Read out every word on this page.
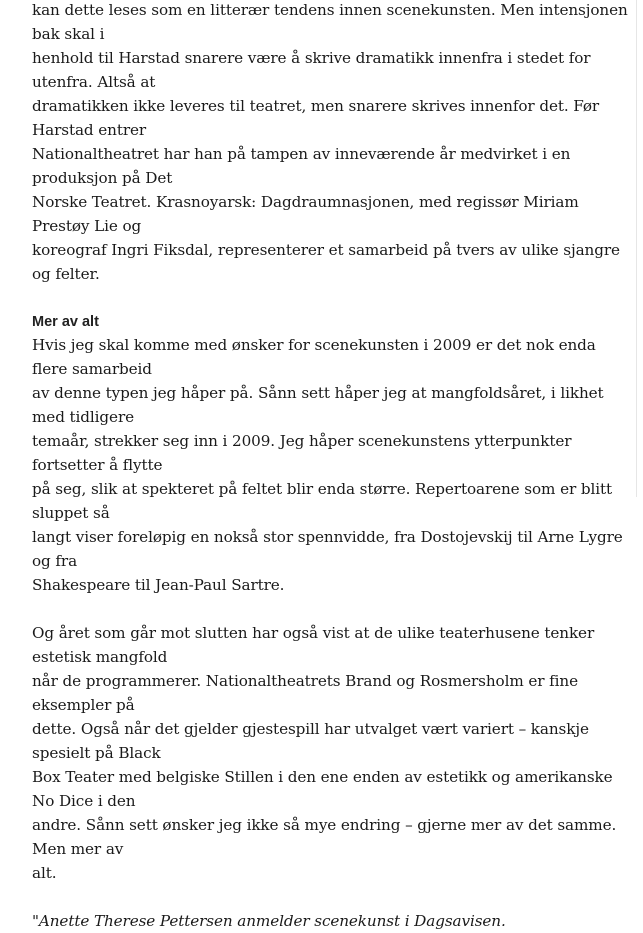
kan dette leses som en litterær tendens innen scenekunsten. Men intensjonen bak skal i
henhold til Harstad snarere være å skrive dramatikk innenfra i stedet for utenfra. Altså at
dramatikken ikke leveres til teatret, men snarere skrives innenfor det. Før Harstad entrer
Nationaltheatret har han på tampen av inneværende år medvirket i en produksjon på Det
Norske Teatret. Krasnoyarsk: Dagdraumnasjonen, med regissør Miriam Prestøy Lie og
koreograf Ingri Fiksdal, representerer et samarbeid på tvers av ulike sjangre og felter.

Mer av alt

Hvis jeg skal komme med ønsker for scenekunsten i 2009 er det nok enda flere samarbeid
av denne typen jeg håper på. Sånn sett håper jeg at mangfoldsåret, i likhet med tidligere
temaår, strekker seg inn i 2009. Jeg håper scenekunstens ytterpunkter fortsetter å flytte
på seg, slik at spekteret på feltet blir enda større. Repertoarene som er blitt sluppet så
langt viser foreløpig en nokså stor spennvidde, fra Dostojevskij til Arne Lygre og fra
Shakespeare til Jean-Paul Sartre.

Og året som går mot slutten har også vist at de ulike teaterhusene tenker estetisk mangfold
når de programmerer. Nationaltheatrets Brand og Rosmersholm er fine eksempler på
dette. Også når det gjelder gjestespill har utvalget vært variert – kanskje spesielt på Black
Box Teater med belgiske Stillen i den ene enden av estetikk og amerikanske No Dice i den
andre. Sånn sett ønsker jeg ikke så mye endring – gjerne mer av det samme. Men mer av
alt.

"Anette Therese Pettersen anmelder scenekunst i Dagsavisen.
